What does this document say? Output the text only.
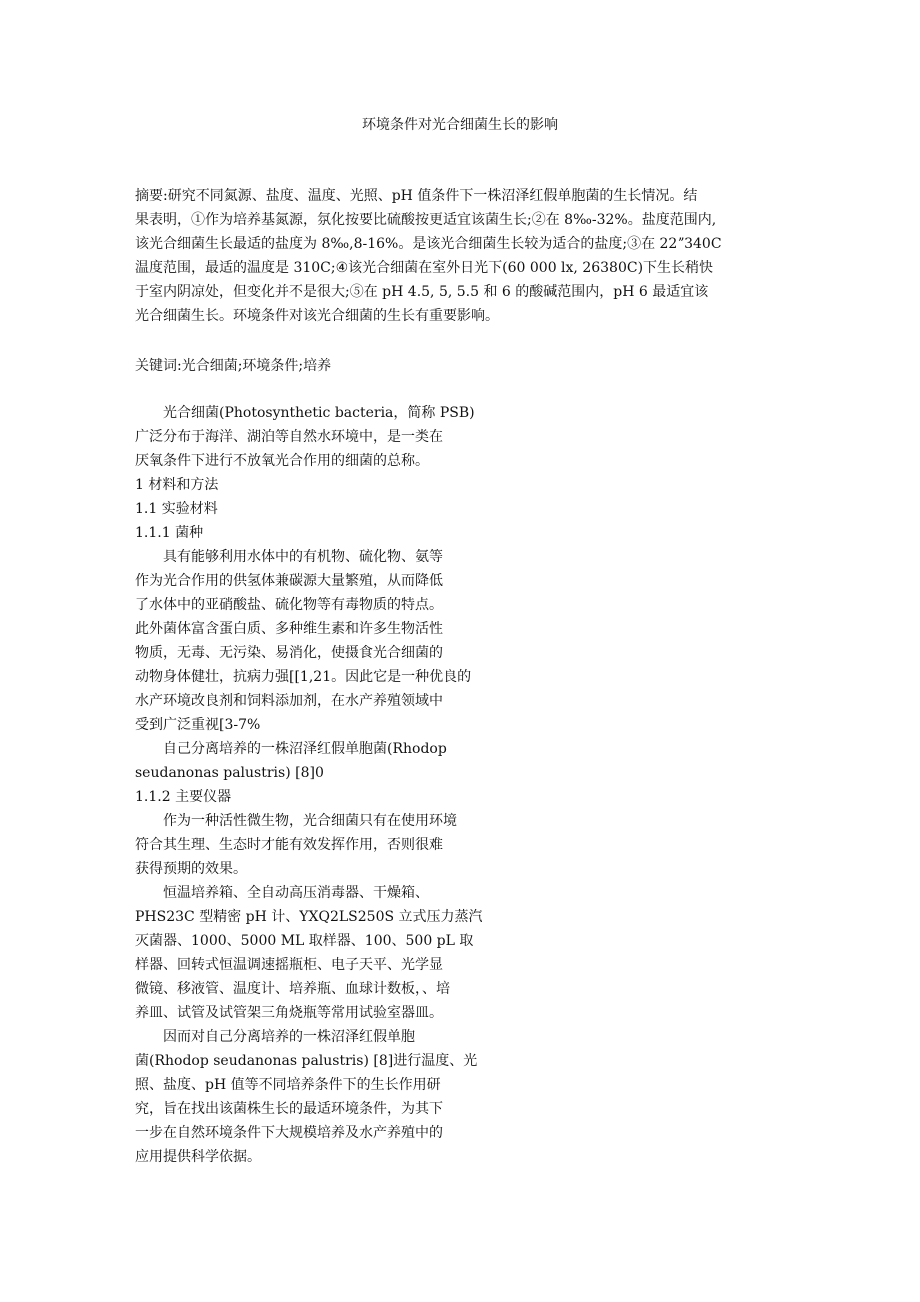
环境条件对光合细菌生长的影响
摘要:研究不同氮源、盐度、温度、光照、pH 值条件下一株沼泽红假单胞菌的生长情况。结
果表明，①作为培养基氮源，氛化按要比硫酸按更适宜该菌生长;②在 8‰-32%。盐度范围内,
该光合细菌生长最适的盐度为 8‰,8-16%。是该光合细菌生长较为适合的盐度;③在 22ˮ340C
温度范围，最适的温度是 310C;④该光合细菌在室外日光下(60 000 lx, 26380C)下生长稍快
于室内阴凉处，但变化并不是很大;⑤在 pH 4.5, 5, 5.5 和 6 的酸碱范围内，pH 6 最适宜该
光合细菌生长。环境条件对该光合细菌的生长有重要影响。
关键词:光合细菌;环境条件;培养
光合细菌(Photosynthetic bacteria，简称 PSB)
广泛分布于海洋、湖泊等自然水环境中，是一类在
厌氧条件下进行不放氧光合作用的细菌的总称。
1 材料和方法
1.1 实验材料
1.1.1 菌种
具有能够利用水体中的有机物、硫化物、氨等
作为光合作用的供氢体兼碳源大量繁殖，从而降低
了水体中的亚硝酸盐、硫化物等有毒物质的特点。
此外菌体富含蛋白质、多种维生素和许多生物活性
物质，无毒、无污染、易消化，使摄食光合细菌的
动物身体健壮，抗病力强[[1,21。因此它是一种优良的
水产环境改良剂和饲料添加剂，在水产养殖领域中
受到广泛重视[3-7%
自己分离培养的一株沼泽红假单胞菌(Rhodop
seudanonas palustris) [8]0
1.1.2 主要仪器
作为一种活性微生物，光合细菌只有在使用环境
符合其生理、生态时才能有效发挥作用，否则很难
获得预期的效果。
恒温培养箱、全自动高压消毒器、干燥箱、
PHS23C 型精密 pH 计、YXQ2LS250S 立式压力蒸汽
灭菌器、1000、5000 ML 取样器、100、500 pL 取
样器、回转式恒温调速摇瓶柜、电子天平、光学显
微镜、移液管、温度计、培养瓶、血球计数板，、培
养皿、试管及试管架三角烧瓶等常用试验室器皿。
因而对自己分离培养的一株沼泽红假单胞
菌(Rhodop seudanonas palustris) [8]进行温度、光
照、盐度、pH 值等不同培养条件下的生长作用研
究，旨在找出该菌株生长的最适环境条件，为其下
一步在自然环境条件下大规模培养及水产养殖中的
应用提供科学依据。
